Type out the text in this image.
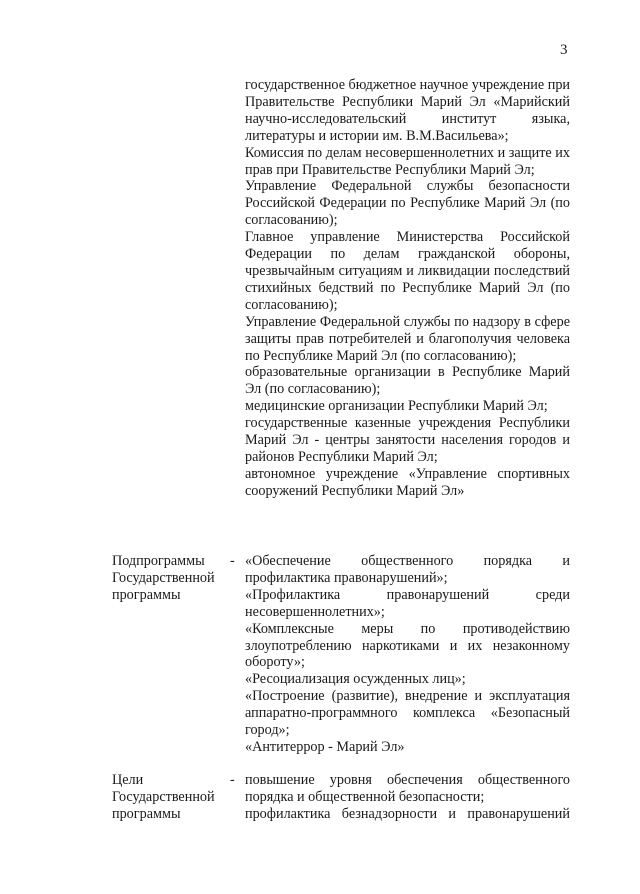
3

государственное бюджетное научное учреждение при Правительстве Республики Марий Эл «Марийский научно-исследовательский институт языка, литературы и истории им. В.М.Васильева»;

Комиссия по делам несовершеннолетних и защите их прав при Правительстве Республики Марий Эл;

Управление Федеральной службы безопасности Российской Федерации по Республике Марий Эл (по согласованию);

Главное управление Министерства Российской Федерации по делам гражданской обороны, чрезвычайным ситуациям и ликвидации последствий стихийных бедствий по Республике Марий Эл (по согласованию);

Управление Федеральной службы по надзору в сфере защиты прав потребителей и благополучия человека по Республике Марий Эл (по согласованию);

образовательные организации в Республике Марий Эл (по согласованию);

медицинские организации Республики Марий Эл;

государственные казенные учреждения Республики Марий Эл - центры занятости населения городов и районов Республики Марий Эл;

автономное учреждение «Управление спортивных сооружений Республики Марий Эл»

Подпрограммы
Государственной
программы
- «Обеспечение общественного порядка и профилактика правонарушений»;

«Профилактика правонарушений среди несовершеннолетних»;

«Комплексные меры по противодействию злоупотреблению наркотиками и их незаконному обороту»;

«Ресоциализация осужденных лиц»;

«Построение (развитие), внедрение и эксплуатация аппаратно-программного комплекса «Безопасный город»;

«Антитеррор - Марий Эл»

Цели
Государственной
программы
- повышение уровня обеспечения общественного порядка и общественной безопасности;

профилактика безнадзорности и правонарушений
